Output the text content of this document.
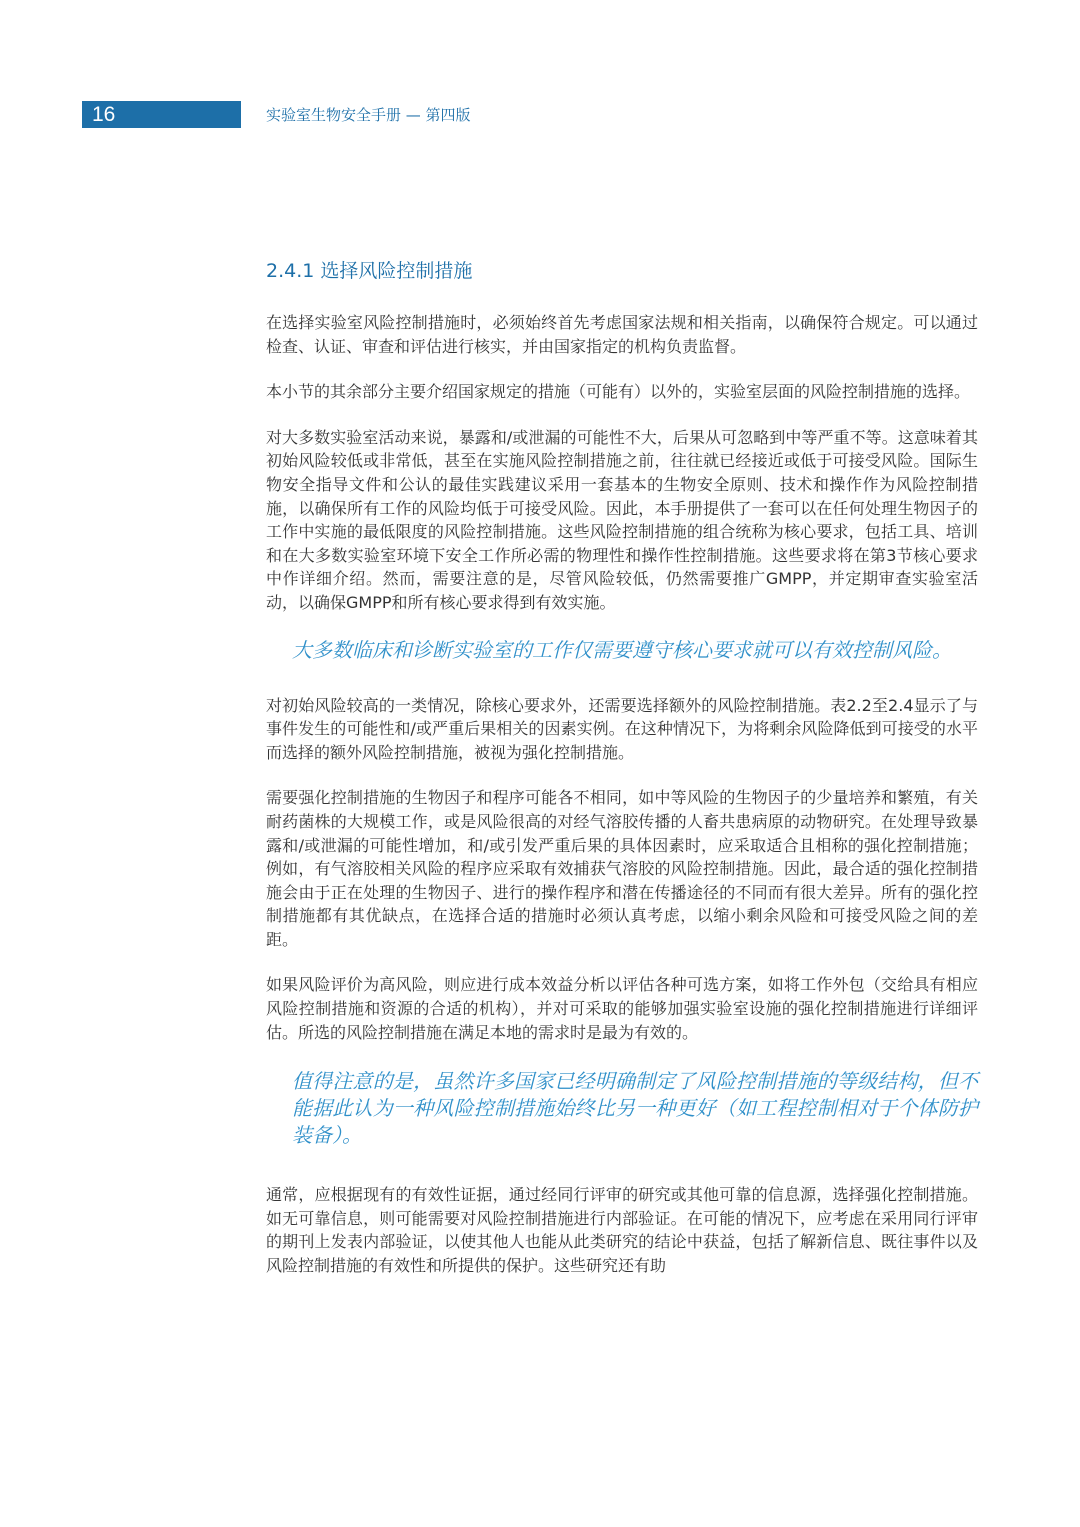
16	实验室生物安全手册 — 第四版
2.4.1 选择风险控制措施

在选择实验室风险控制措施时，必须始终首先考虑国家法规和相关指南，以确保符合规定。可以通过检查、认证、审查和评估进行核实，并由国家指定的机构负责监督。

本小节的其余部分主要介绍国家规定的措施（可能有）以外的，实验室层面的风险控制措施的选择。

对大多数实验室活动来说，暴露和/或泄漏的可能性不大，后果从可忽略到中等严重不等。这意味着其初始风险较低或非常低，甚至在实施风险控制措施之前，往往就已经接近或低于可接受风险。国际生物安全指导文件和公认的最佳实践建议采用一套基本的生物安全原则、技术和操作作为风险控制措施，以确保所有工作的风险均低于可接受风险。因此，本手册提供了一套可以在任何处理生物因子的工作中实施的最低限度的风险控制措施。这些风险控制措施的组合统称为核心要求，包括工具、培训和在大多数实验室环境下安全工作所必需的物理性和操作性控制措施。这些要求将在第3节核心要求中作详细介绍。然而，需要注意的是，尽管风险较低，仍然需要推广GMPP，并定期审查实验室活动，以确保GMPP和所有核心要求得到有效实施。

大多数临床和诊断实验室的工作仅需要遵守核心要求就可以有效控制风险。

对初始风险较高的一类情况，除核心要求外，还需要选择额外的风险控制措施。表2.2至2.4显示了与事件发生的可能性和/或严重后果相关的因素实例。在这种情况下，为将剩余风险降低到可接受的水平而选择的额外风险控制措施，被视为强化控制措施。

需要强化控制措施的生物因子和程序可能各不相同，如中等风险的生物因子的少量培养和繁殖，有关耐药菌株的大规模工作，或是风险很高的对经气溶胶传播的人畜共患病原的动物研究。在处理导致暴露和/或泄漏的可能性增加，和/或引发严重后果的具体因素时，应采取适合且相称的强化控制措施；例如，有气溶胶相关风险的程序应采取有效捕获气溶胶的风险控制措施。因此，最合适的强化控制措施会由于正在处理的生物因子、进行的操作程序和潜在传播途径的不同而有很大差异。所有的强化控制措施都有其优缺点，在选择合适的措施时必须认真考虑，以缩小剩余风险和可接受风险之间的差距。

如果风险评价为高风险，则应进行成本效益分析以评估各种可选方案，如将工作外包（交给具有相应风险控制措施和资源的合适的机构），并对可采取的能够加强实验室设施的强化控制措施进行详细评估。所选的风险控制措施在满足本地的需求时是最为有效的。

值得注意的是，虽然许多国家已经明确制定了风险控制措施的等级结构，但不能据此认为一种风险控制措施始终比另一种更好（如工程控制相对于个体防护装备）。

通常，应根据现有的有效性证据，通过经同行评审的研究或其他可靠的信息源，选择强化控制措施。如无可靠信息，则可能需要对风险控制措施进行内部验证。在可能的情况下，应考虑在采用同行评审的期刊上发表内部验证，以使其他人也能从此类研究的结论中获益，包括了解新信息、既往事件以及风险控制措施的有效性和所提供的保护。这些研究还有助
